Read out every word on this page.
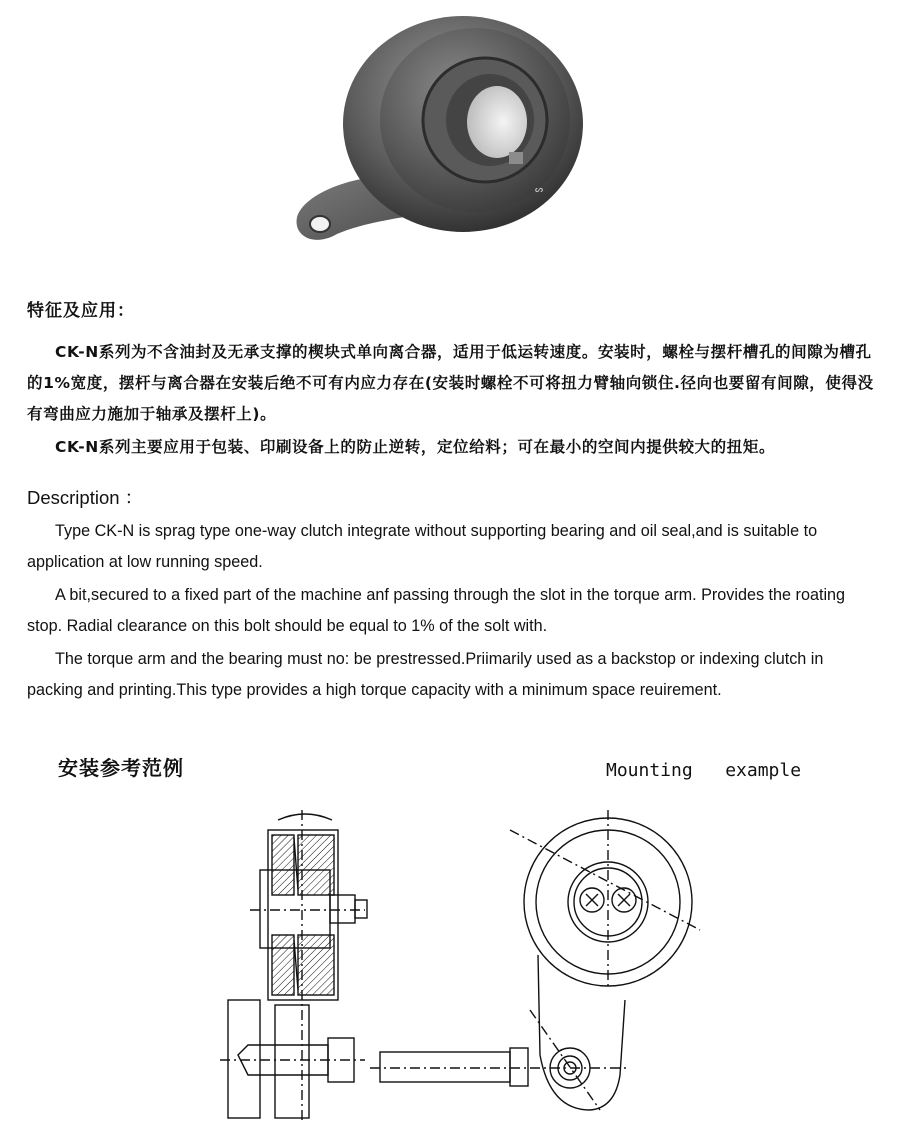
ᔕ
特征及应用：
CK-N系列为不含油封及无承支撑的楔块式单向离合器，适用于低运转速度。安装时，螺栓与摆杆槽孔的间隙为槽孔的1%宽度，摆杆与离合器在安装后绝不可有内应力存在(安装时螺栓不可将扭力臂轴向锁住.径向也要留有间隙，使得没有弯曲应力施加于轴承及摆杆上)。
CK-N系列主要应用于包装、印刷设备上的防止逆转，定位给料；可在最小的空间内提供较大的扭矩。
Description ：
Type CK-N is sprag type one-way clutch integrate without supporting bearing and oil seal,and is suitable to application at low running speed.
A bit,secured to a fixed part of the machine anf passing through the slot in the torque arm. Provides the roating stop. Radial clearance on this bolt should be equal to 1% of the solt with.
The torque arm and the bearing must no: be prestressed.Priimarily used as a backstop or indexing clutch in packing and printing.This type provides a high torque capacity with a minimum space reuirement.
安装参考范例	Mounting   example
